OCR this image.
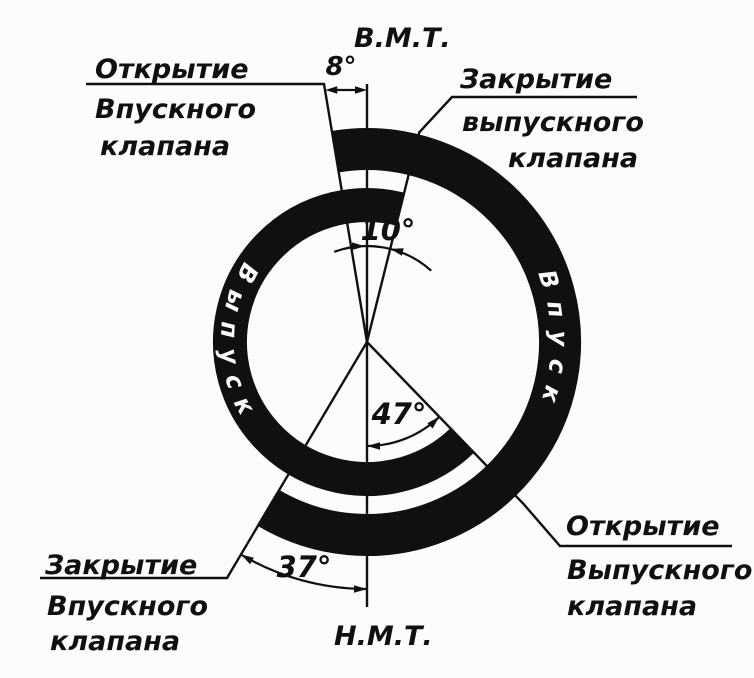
Впуск
Выпуск
В.М.Т.
Н.М.Т.
8°
10°
47°
37°
Открытие
Впускного
клапана
Закрытие
выпускного
клапана
Закрытие
Впускного
клапана
Открытие
Выпускного
клапана
